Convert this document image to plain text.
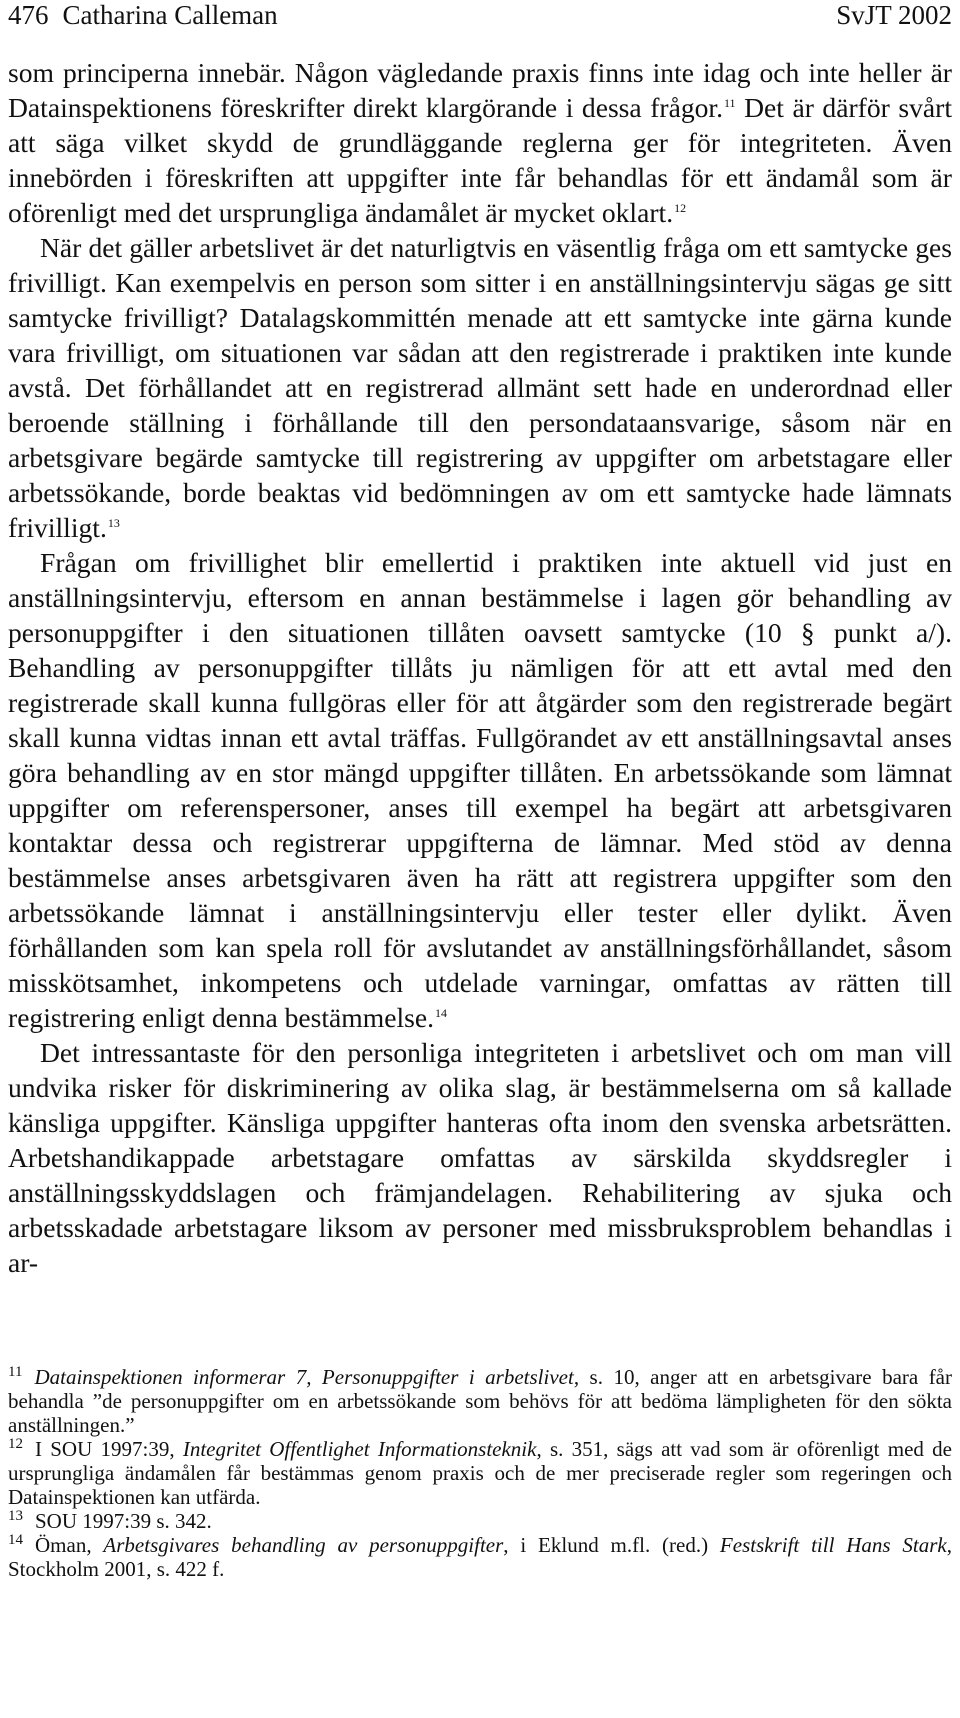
476 Catharina Calleman	SvJT 2002

som principerna innebär. Någon vägledande praxis finns inte idag och inte heller är Datainspektionens föreskrifter direkt klargörande i dessa frågor.$^{11}$ Det är därför svårt att säga vilket skydd de grundläggande reglerna ger för integriteten. Även innebörden i föreskriften att uppgifter inte får behandlas för ett ändamål som är oförenligt med det ursprungliga ändamålet är mycket oklart.$^{12}$

När det gäller arbetslivet är det naturligtvis en väsentlig fråga om ett samtycke ges frivilligt. Kan exempelvis en person som sitter i en anställningsintervju sägas ge sitt samtycke frivilligt? Datalagskommittén menade att ett samtycke inte gärna kunde vara frivilligt, om situationen var sådan att den registrerade i praktiken inte kunde avstå. Det förhållandet att en registrerad allmänt sett hade en underordnad eller beroende ställning i förhållande till den persondataansvarige, såsom när en arbetsgivare begärde samtycke till registrering av uppgifter om arbetstagare eller arbetssökande, borde beaktas vid bedömningen av om ett samtycke hade lämnats frivilligt.$^{13}$

Frågan om frivillighet blir emellertid i praktiken inte aktuell vid just en anställningsintervju, eftersom en annan bestämmelse i lagen gör behandling av personuppgifter i den situationen tillåten oavsett samtycke (10 § punkt a/). Behandling av personuppgifter tillåts ju nämligen för att ett avtal med den registrerade skall kunna fullgöras eller för att åtgärder som den registrerade begärt skall kunna vidtas innan ett avtal träffas. Fullgörandet av ett anställningsavtal anses göra behandling av en stor mängd uppgifter tillåten. En arbetssökande som lämnat uppgifter om referenspersoner, anses till exempel ha begärt att arbetsgivaren kontaktar dessa och registrerar uppgifterna de lämnar. Med stöd av denna bestämmelse anses arbetsgivaren även ha rätt att registrera uppgifter som den arbetssökande lämnat i anställningsintervju eller tester eller dylikt. Även förhållanden som kan spela roll för avslutandet av anställningsförhållandet, såsom misskötsamhet, inkompetens och utdelade varningar, omfattas av rätten till registrering enligt denna bestämmelse.$^{14}$

Det intressantaste för den personliga integriteten i arbetslivet och om man vill undvika risker för diskriminering av olika slag, är bestämmelserna om så kallade känsliga uppgifter. Känsliga uppgifter hanteras ofta inom den svenska arbetsrätten. Arbetshandikappade arbetstagare omfattas av särskilda skyddsregler i anställningsskyddslagen och främjandelagen. Rehabilitering av sjuka och arbetsskadade arbetstagare liksom av personer med missbruksproblem behandlas i ar-

$^{11}$ Datainspektionen informerar 7, Personuppgifter i arbetslivet, s. 10, anger att en arbetsgivare bara får behandla ”de personuppgifter om en arbetssökande som behövs för att bedöma lämpligheten för den sökta anställningen.”

$^{12}$ I SOU 1997:39, Integritet Offentlighet Informationsteknik, s. 351, sägs att vad som är oförenligt med de ursprungliga ändamålen får bestämmas genom praxis och de mer preciserade regler som regeringen och Datainspektionen kan utfärda.

$^{13}$ SOU 1997:39 s. 342.

$^{14}$ Öman, Arbetsgivares behandling av personuppgifter, i Eklund m.fl. (red.) Festskrift till Hans Stark, Stockholm 2001, s. 422 f.
